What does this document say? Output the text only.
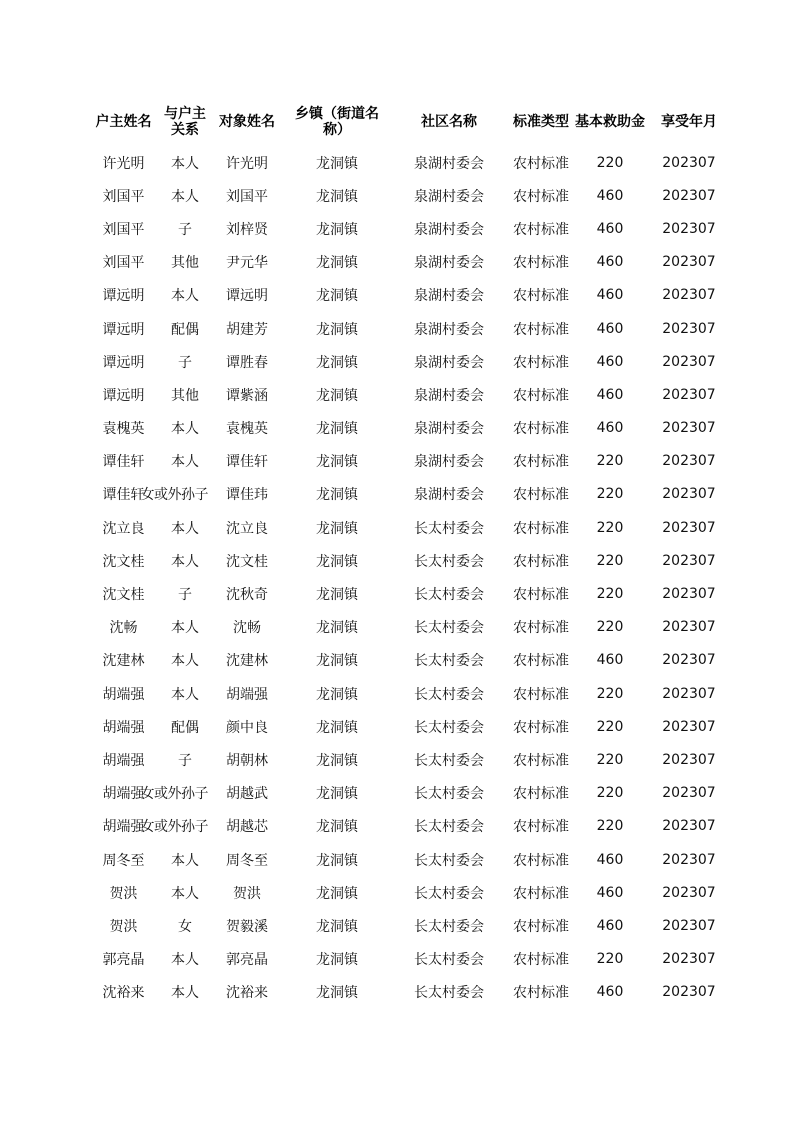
户主姓名	与户主关系	对象姓名	乡镇（街道名称）	社区名称	标准类型	基本救助金	享受年月
许光明	本人	许光明	龙洞镇	泉湖村委会	农村标准	220	202307
刘国平	本人	刘国平	龙洞镇	泉湖村委会	农村标准	460	202307
刘国平	子	刘梓贤	龙洞镇	泉湖村委会	农村标准	460	202307
刘国平	其他	尹元华	龙洞镇	泉湖村委会	农村标准	460	202307
谭远明	本人	谭远明	龙洞镇	泉湖村委会	农村标准	460	202307
谭远明	配偶	胡建芳	龙洞镇	泉湖村委会	农村标准	460	202307
谭远明	子	谭胜春	龙洞镇	泉湖村委会	农村标准	460	202307
谭远明	其他	谭紫涵	龙洞镇	泉湖村委会	农村标准	460	202307
袁槐英	本人	袁槐英	龙洞镇	泉湖村委会	农村标准	460	202307
谭佳轩	本人	谭佳轩	龙洞镇	泉湖村委会	农村标准	220	202307
谭佳轩	女或外孙子	谭佳玮	龙洞镇	泉湖村委会	农村标准	220	202307
沈立良	本人	沈立良	龙洞镇	长太村委会	农村标准	220	202307
沈文桂	本人	沈文桂	龙洞镇	长太村委会	农村标准	220	202307
沈文桂	子	沈秋奇	龙洞镇	长太村委会	农村标准	220	202307
沈畅	本人	沈畅	龙洞镇	长太村委会	农村标准	220	202307
沈建林	本人	沈建林	龙洞镇	长太村委会	农村标准	460	202307
胡端强	本人	胡端强	龙洞镇	长太村委会	农村标准	220	202307
胡端强	配偶	颜中良	龙洞镇	长太村委会	农村标准	220	202307
胡端强	子	胡朝林	龙洞镇	长太村委会	农村标准	220	202307
胡端强	女或外孙子	胡越武	龙洞镇	长太村委会	农村标准	220	202307
胡端强	女或外孙子	胡越芯	龙洞镇	长太村委会	农村标准	220	202307
周冬至	本人	周冬至	龙洞镇	长太村委会	农村标准	460	202307
贺洪	本人	贺洪	龙洞镇	长太村委会	农村标准	460	202307
贺洪	女	贺毅溪	龙洞镇	长太村委会	农村标准	460	202307
郭亮晶	本人	郭亮晶	龙洞镇	长太村委会	农村标准	220	202307
沈裕来	本人	沈裕来	龙洞镇	长太村委会	农村标准	460	202307
